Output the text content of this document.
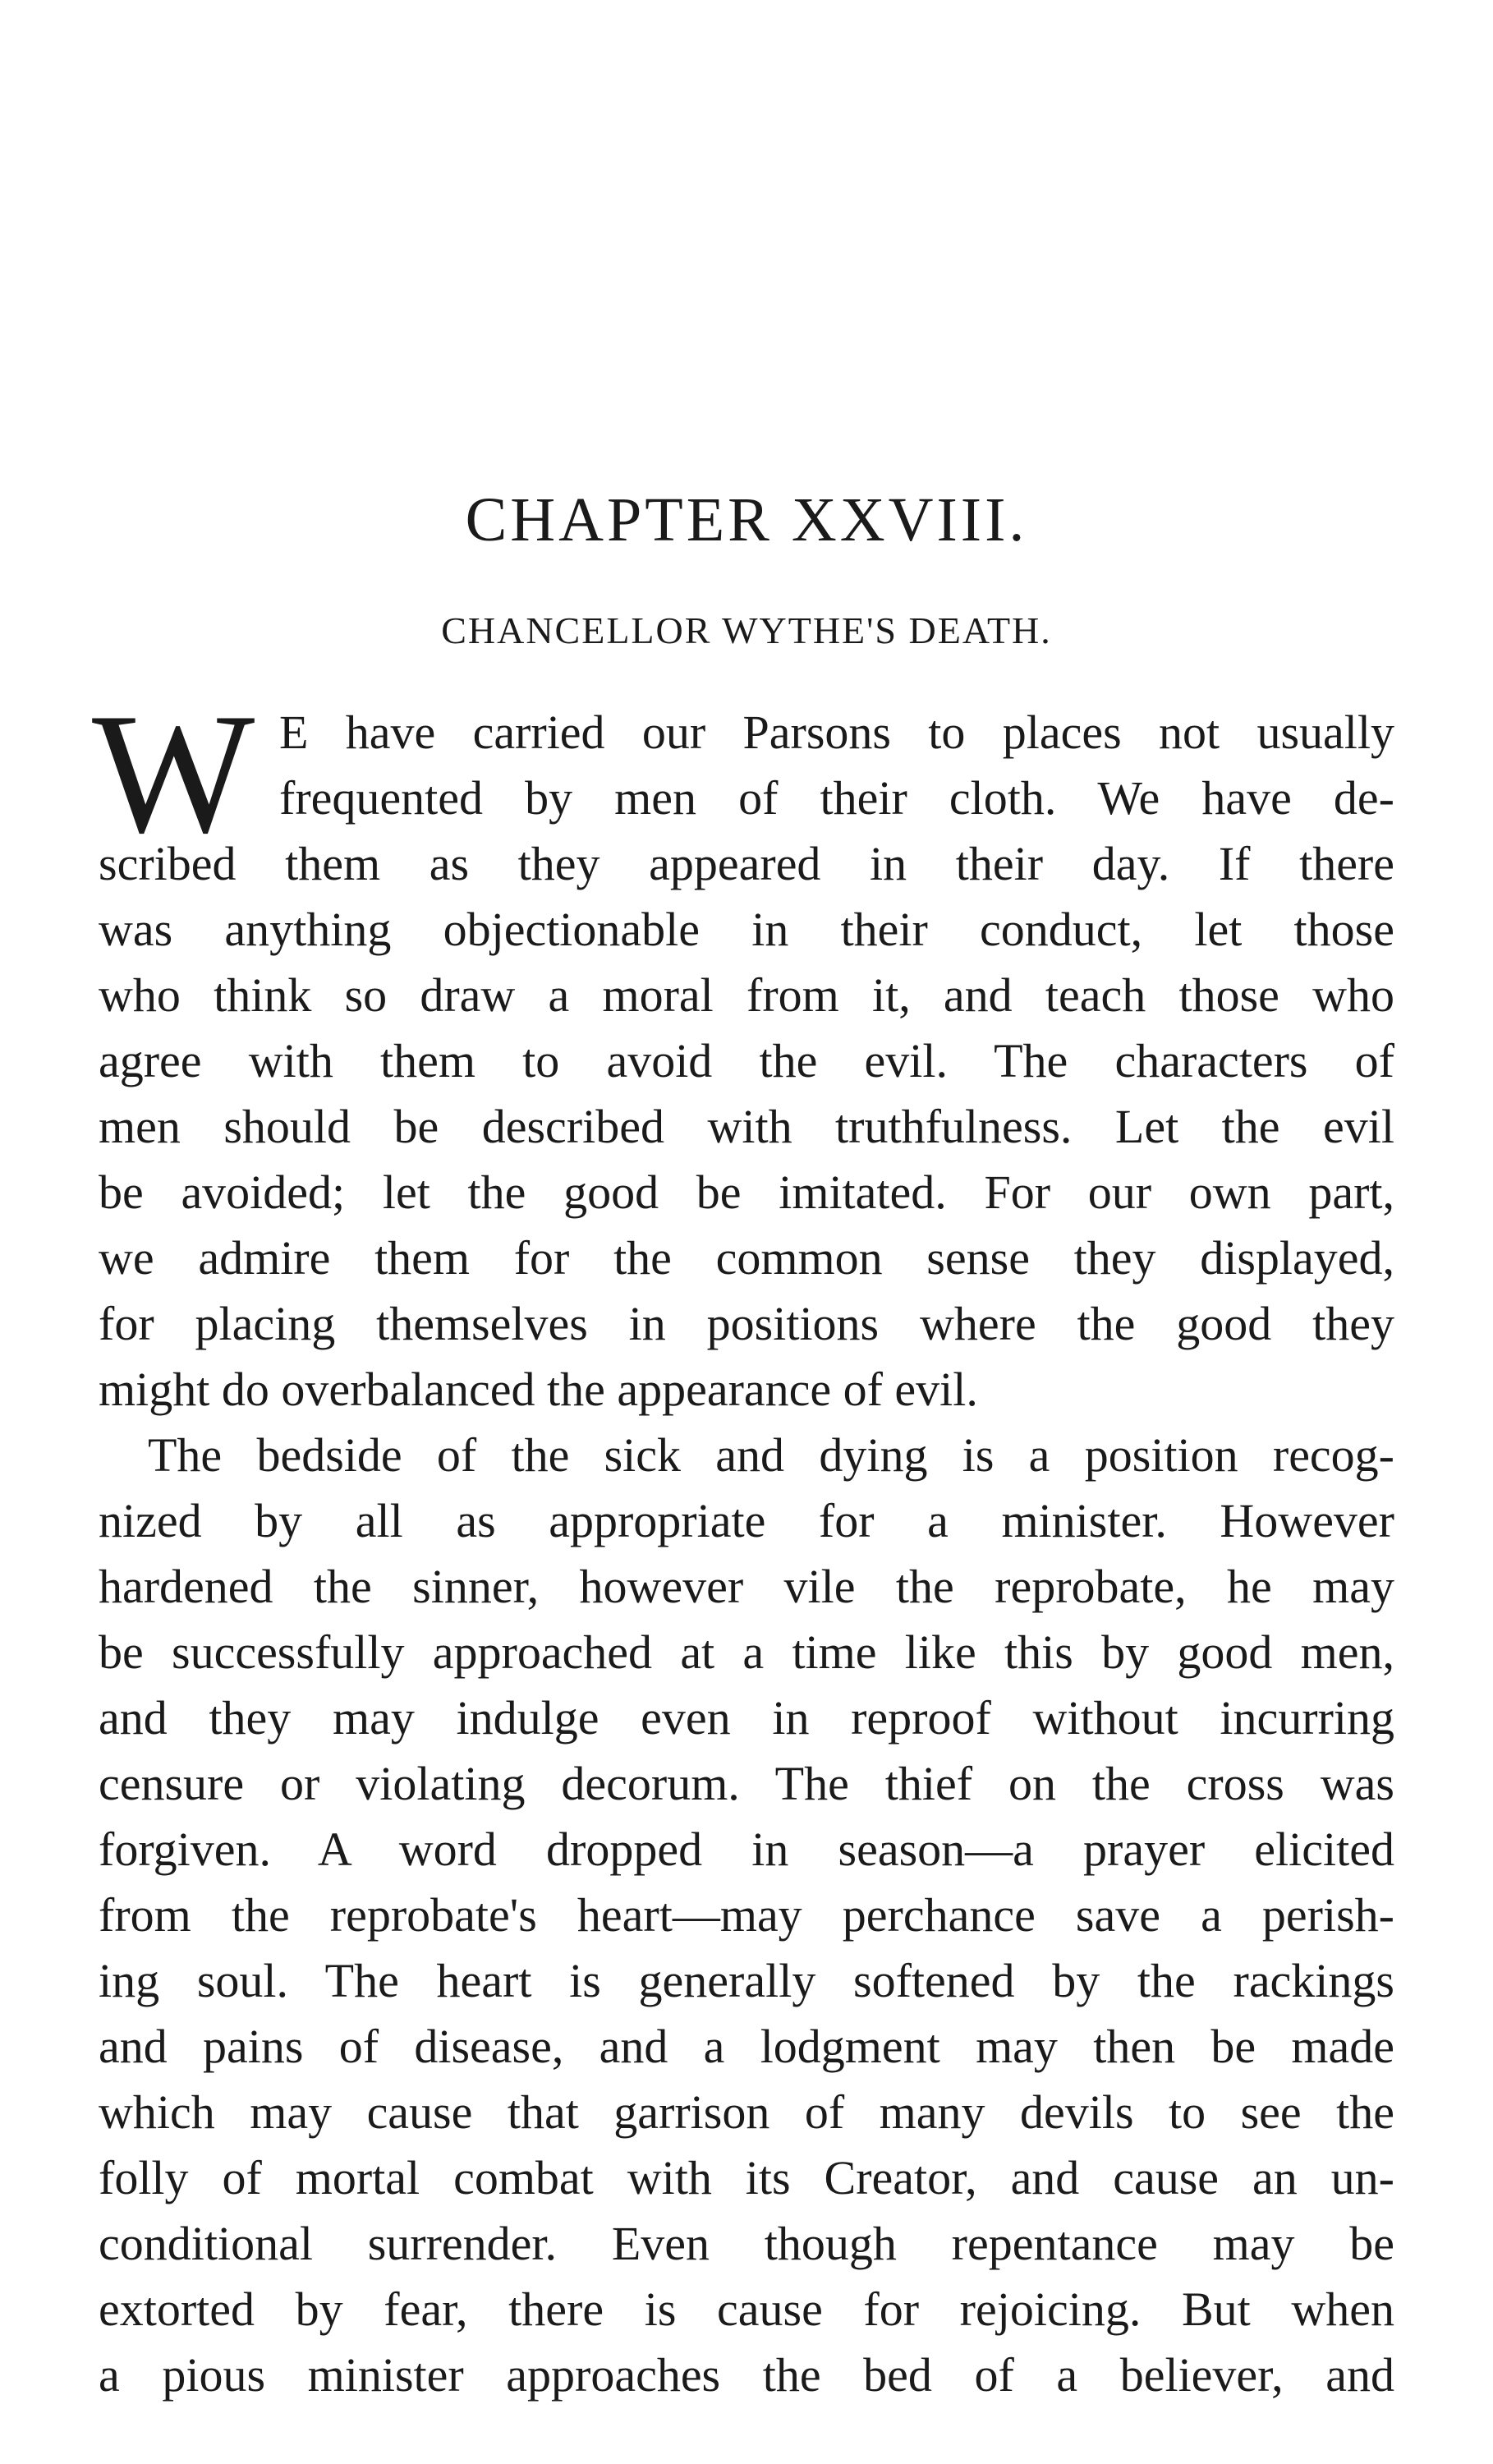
CHAPTER XXVIII.
CHANCELLOR WYTHE'S DEATH.
W E have carried our Parsons to places not usually
frequented by men of their cloth. We have de-
scribed them as they appeared in their day. If there
was anything objectionable in their conduct, let those
who think so draw a moral from it, and teach those who
agree with them to avoid the evil. The characters of
men should be described with truthfulness. Let the evil
be avoided; let the good be imitated. For our own part,
we admire them for the common sense they displayed,
for placing themselves in positions where the good they
might do overbalanced the appearance of evil.
The bedside of the sick and dying is a position recog-
nized by all as appropriate for a minister. However
hardened the sinner, however vile the reprobate, he may
be successfully approached at a time like this by good men,
and they may indulge even in reproof without incurring
censure or violating decorum. The thief on the cross was
forgiven. A word dropped in season—a prayer elicited
from the reprobate's heart—may perchance save a perish-
ing soul. The heart is generally softened by the rackings
and pains of disease, and a lodgment may then be made
which may cause that garrison of many devils to see the
folly of mortal combat with its Creator, and cause an un-
conditional surrender. Even though repentance may be
extorted by fear, there is cause for rejoicing. But when
a pious minister approaches the bed of a believer, and
